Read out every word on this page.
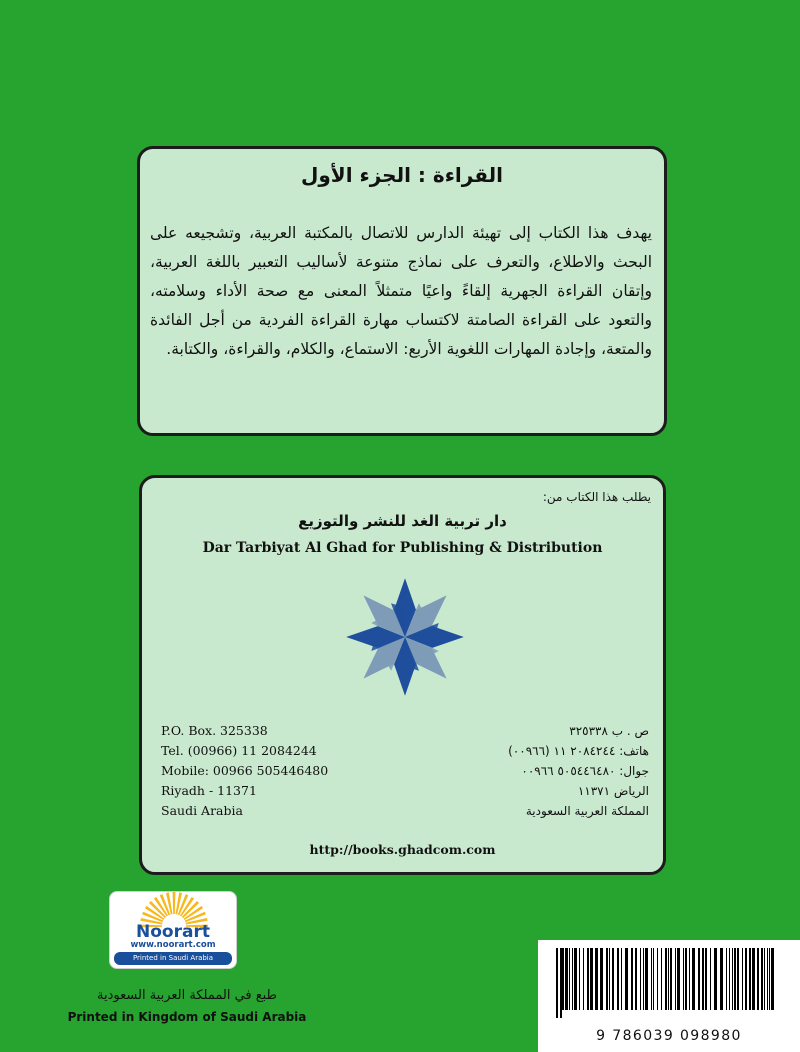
القراءة : الجزء الأول
يهدف هذا الكتاب إلى تهيئة الدارس للاتصال بالمكتبة العربية، وتشجيعه على البحث والاطلاع، والتعرف على نماذج متنوعة لأساليب التعبير باللغة العربية، وإتقان القراءة الجهرية إلقاءً واعيًا متمثلاً المعنى مع صحة الأداء وسلامته، والتعود على القراءة الصامتة لاكتساب مهارة القراءة الفردية من أجل الفائدة والمتعة، وإجادة المهارات اللغوية الأربع: الاستماع، والكلام، والقراءة، والكتابة.
يطلب هذا الكتاب من:
دار تربية الغد للنشر والتوزيع
Dar Tarbiyat Al Ghad for Publishing & Distribution
P.O. Box. 325338
Tel. (00966) 11 2084244
Mobile: 00966 505446480
Riyadh - 11371
Saudi Arabia
ص . ب ٣٢٥٣٣٨
هاتف: ٢٠٨٤٢٤٤ ١١ (٠٠٩٦٦)
جوال: ٥٠٥٤٤٦٤٨٠ ٠٠٩٦٦
الرياض ١١٣٧١
المملكة العربية السعودية
http://books.ghadcom.com
Noorart
www.noorart.com
Printed in Saudi Arabia
طبع في المملكة العربية السعودية
Printed in Kingdom of Saudi Arabia
9 786039 098980
